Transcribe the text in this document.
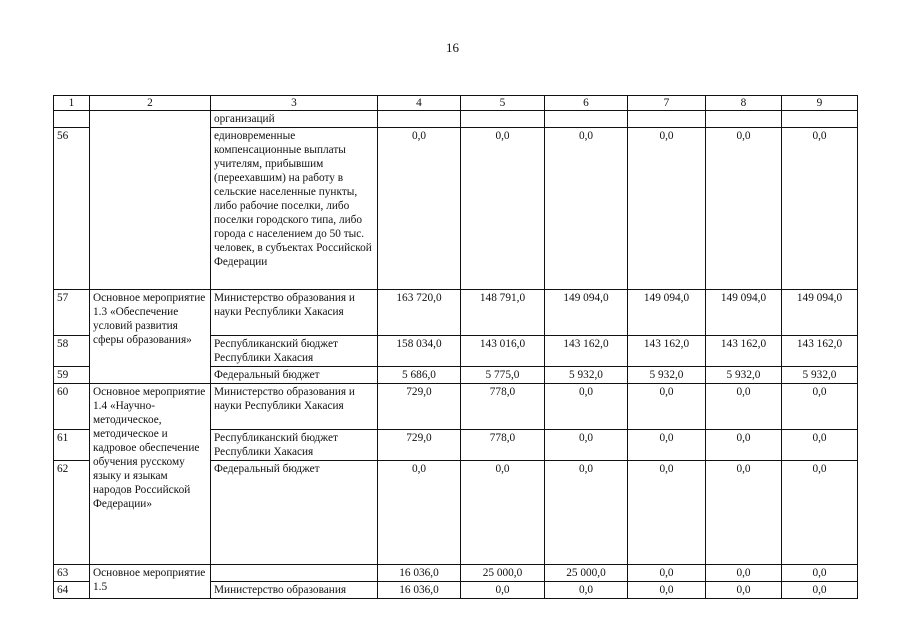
16
1	2	3	4	5	6	7	8	9
		организаций						
56		единовременные компенсационные выплаты учителям, прибывшим (переехавшим) на работу в сельские населенные пункты, либо рабочие поселки, либо поселки городского типа, либо города с населением до 50 тыс. человек, в субъектах Российской Федерации	0,0	0,0	0,0	0,0	0,0	0,0
57	Основное мероприятие 1.3 «Обеспечение условий развития сферы образования»	Министерство образования и науки Республики Хакасия	163 720,0	148 791,0	149 094,0	149 094,0	149 094,0	149 094,0
58		Республиканский бюджет Республики Хакасия	158 034,0	143 016,0	143 162,0	143 162,0	143 162,0	143 162,0
59		Федеральный бюджет	5 686,0	5 775,0	5 932,0	5 932,0	5 932,0	5 932,0
60	Основное мероприятие 1.4 «Научно-методическое, методическое и кадровое обеспечение обучения русскому языку и языкам народов Российской Федерации»	Министерство образования и науки Республики Хакасия	729,0	778,0	0,0	0,0	0,0	0,0
61		Республиканский бюджет Республики Хакасия	729,0	778,0	0,0	0,0	0,0	0,0
62		Федеральный бюджет	0,0	0,0	0,0	0,0	0,0	0,0
63	Основное мероприятие 1.5		16 036,0	25 000,0	25 000,0	0,0	0,0	0,0
64		Министерство образования	16 036,0	0,0	0,0	0,0	0,0	0,0
